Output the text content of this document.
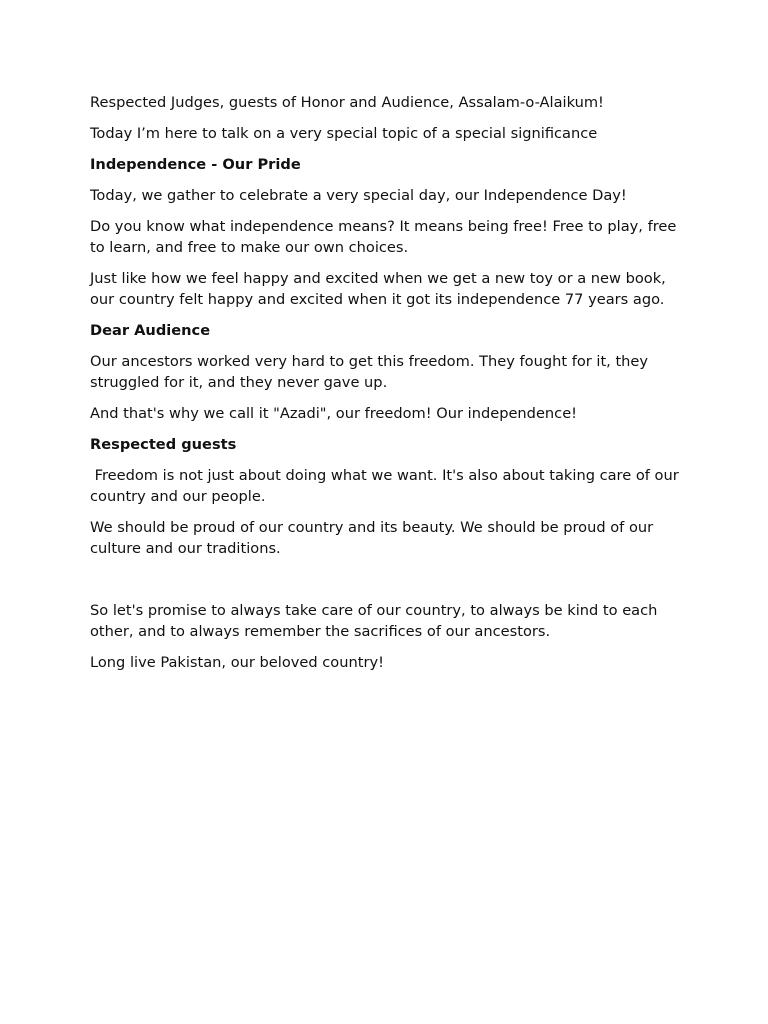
Respected Judges, guests of Honor and Audience, Assalam-o-Alaikum!

Today I’m here to talk on a very special topic of a special significance

Independence - Our Pride

Today, we gather to celebrate a very special day, our Independence Day!

Do you know what independence means? It means being free! Free to play, free to learn, and free to make our own choices.

Just like how we feel happy and excited when we get a new toy or a new book, our country felt happy and excited when it got its independence 77 years ago.

Dear Audience

Our ancestors worked very hard to get this freedom. They fought for it, they struggled for it, and they never gave up.

And that's why we call it "Azadi", our freedom! Our independence!

Respected guests

Freedom is not just about doing what we want. It's also about taking care of our country and our people.

We should be proud of our country and its beauty. We should be proud of our culture and our traditions.

So let's promise to always take care of our country, to always be kind to each other, and to always remember the sacrifices of our ancestors.

Long live Pakistan, our beloved country!
